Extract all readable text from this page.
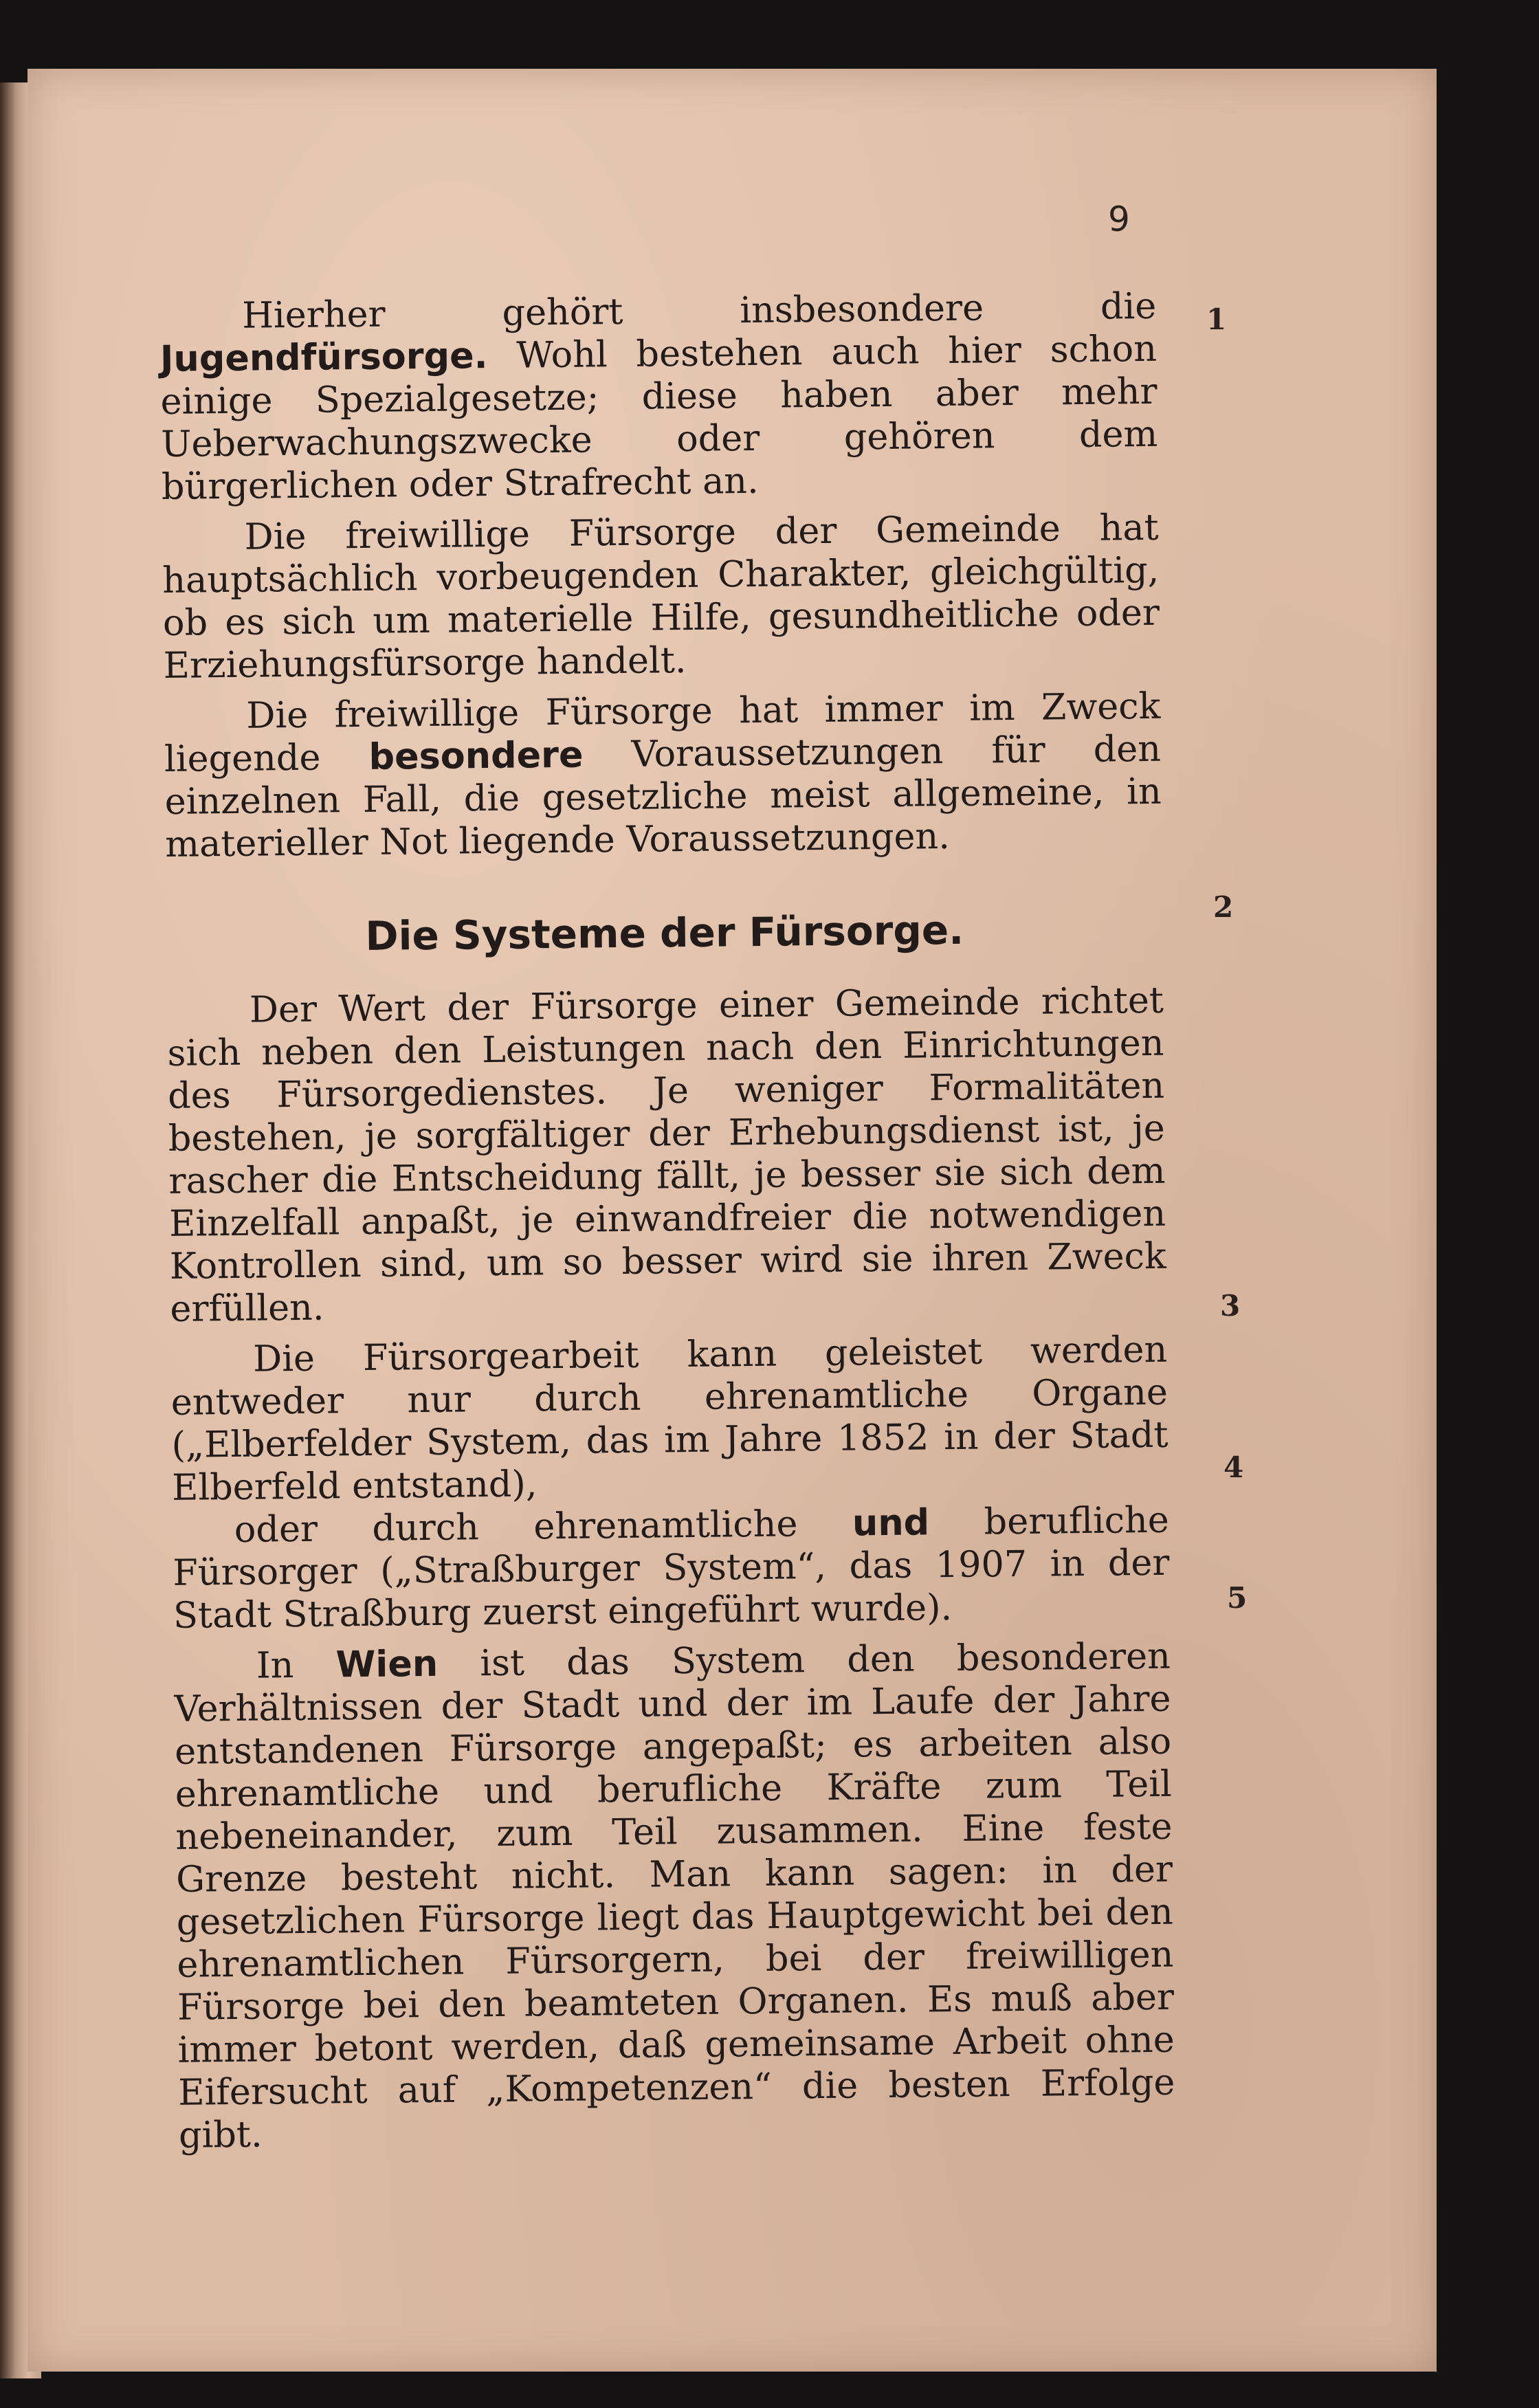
9
1
2
3
4
5

Hierher gehört insbesondere die Jugendfürsorge. Wohl bestehen auch hier schon einige Spezialgesetze; diese haben aber mehr Ueberwachungszwecke oder gehören dem bürgerlichen oder Strafrecht an.

Die freiwillige Fürsorge der Gemeinde hat hauptsächlich vorbeugenden Charakter, gleichgültig, ob es sich um materielle Hilfe, gesundheitliche oder Erziehungsfürsorge handelt.

Die freiwillige Fürsorge hat immer im Zweck liegende besondere Voraussetzungen für den einzelnen Fall, die gesetzliche meist allgemeine, in materieller Not liegende Voraussetzungen.

Die Systeme der Fürsorge.

Der Wert der Fürsorge einer Gemeinde richtet sich neben den Leistungen nach den Einrichtungen des Fürsorgedienstes. Je weniger Formalitäten bestehen, je sorgfältiger der Erhebungsdienst ist, je rascher die Entscheidung fällt, je besser sie sich dem Einzelfall anpaßt, je einwandfreier die notwendigen Kontrollen sind, um so besser wird sie ihren Zweck erfüllen.

Die Fürsorgearbeit kann geleistet werden entweder nur durch ehrenamtliche Organe („Elberfelder System, das im Jahre 1852 in der Stadt Elberfeld entstand),

oder durch ehrenamtliche und berufliche Fürsorger („Straßburger System“, das 1907 in der Stadt Straßburg zuerst eingeführt wurde).

In Wien ist das System den besonderen Verhältnissen der Stadt und der im Laufe der Jahre entstandenen Fürsorge angepaßt; es arbeiten also ehrenamtliche und berufliche Kräfte zum Teil nebeneinander, zum Teil zusammen. Eine feste Grenze besteht nicht. Man kann sagen: in der gesetzlichen Fürsorge liegt das Hauptgewicht bei den ehrenamtlichen Fürsorgern, bei der freiwilligen Fürsorge bei den beamteten Organen. Es muß aber immer betont werden, daß gemeinsame Arbeit ohne Eifersucht auf „Kompetenzen“ die besten Erfolge gibt.
